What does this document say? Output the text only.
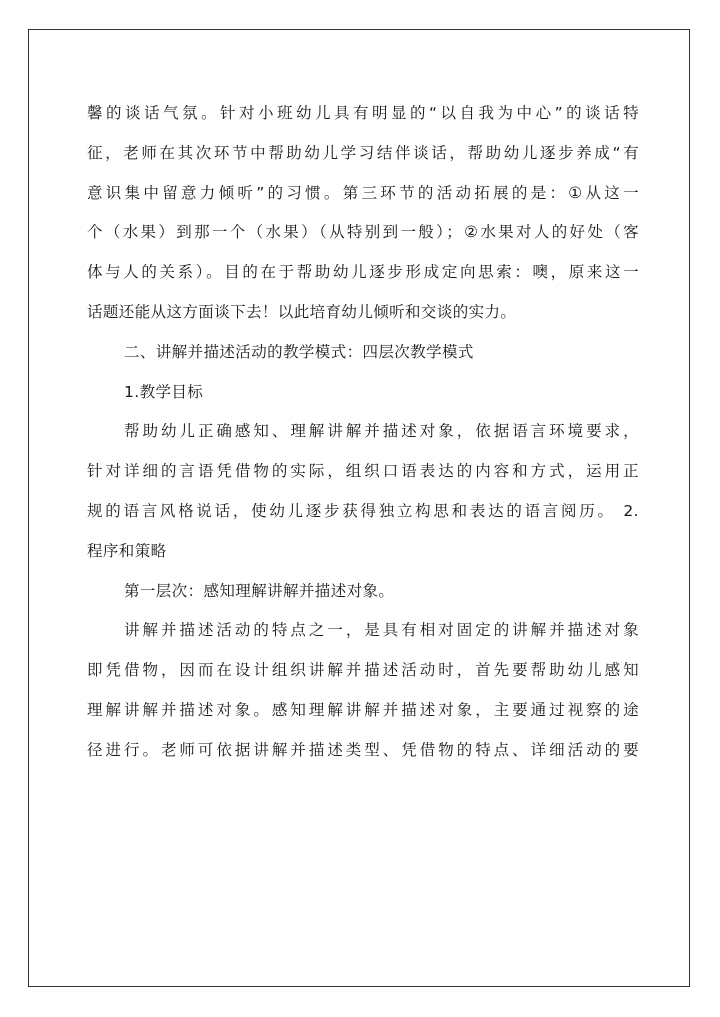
馨的谈话气氛。针对小班幼儿具有明显的“以自我为中心”的谈话特
征，老师在其次环节中帮助幼儿学习结伴谈话，帮助幼儿逐步养成“有
意识集中留意力倾听”的习惯。第三环节的活动拓展的是：①从这一
个（水果）到那一个（水果）（从特别到一般）；②水果对人的好处（客
体与人的关系）。目的在于帮助幼儿逐步形成定向思索：噢，原来这一
话题还能从这方面谈下去！以此培育幼儿倾听和交谈的实力。
二、讲解并描述活动的教学模式：四层次教学模式
1.教学目标
帮助幼儿正确感知、理解讲解并描述对象，依据语言环境要求，
针对详细的言语凭借物的实际，组织口语表达的内容和方式，运用正
规的语言风格说话，使幼儿逐步获得独立构思和表达的语言阅历。 2.
程序和策略
第一层次：感知理解讲解并描述对象。
讲解并描述活动的特点之一，是具有相对固定的讲解并描述对象
即凭借物，因而在设计组织讲解并描述活动时，首先要帮助幼儿感知
理解讲解并描述对象。感知理解讲解并描述对象，主要通过视察的途
径进行。老师可依据讲解并描述类型、凭借物的特点、详细活动的要
